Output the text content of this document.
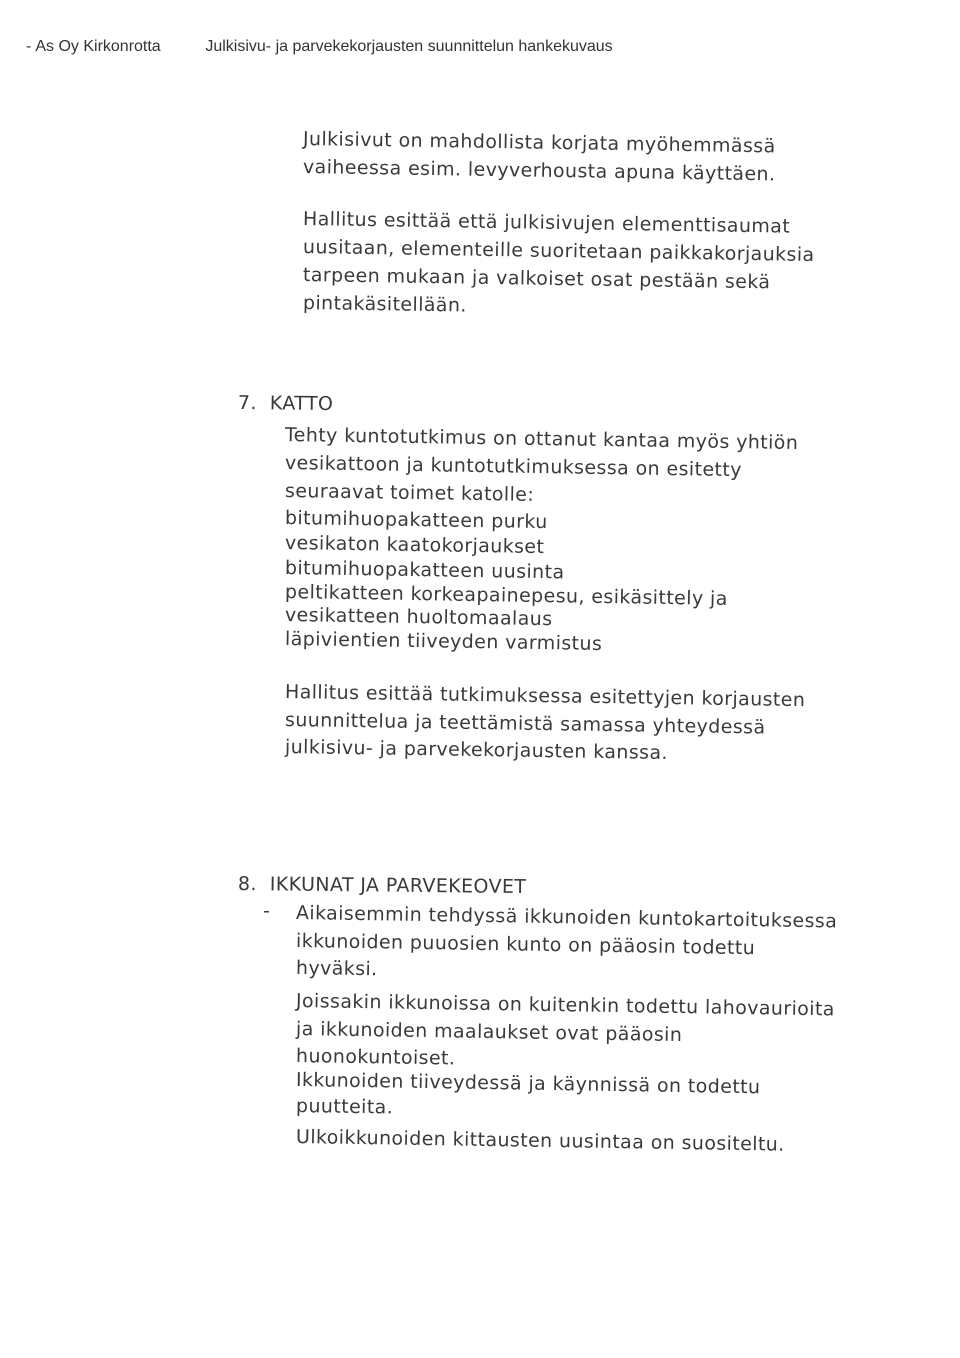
- As Oy Kirkonrotta	Julkisivu- ja parvekekorjausten suunnittelun hankekuvaus
Julkisivut on mahdollista korjata myöhemmässä
vaiheessa esim. levyverhousta apuna käyttäen.
Hallitus esittää että julkisivujen elementtisaumat
uusitaan, elementeille suoritetaan paikkakorjauksia
tarpeen mukaan ja valkoiset osat pestään sekä
pintakäsitellään.
7. KATTO
Tehty kuntotutkimus on ottanut kantaa myös yhtiön
vesikattoon ja kuntotutkimuksessa on esitetty
seuraavat toimet katolle:
bitumihuopakatteen purku
vesikaton kaatokorjaukset
bitumihuopakatteen uusinta
peltikatteen korkeapainepesu, esikäsittely ja
vesikatteen huoltomaalaus
läpivientien tiiveyden varmistus
Hallitus esittää tutkimuksessa esitettyjen korjausten
suunnittelua ja teettämistä samassa yhteydessä
julkisivu- ja parvekekorjausten kanssa.
8. IKKUNAT JA PARVEKEOVET
- Aikaisemmin tehdyssä ikkunoiden kuntokartoituksessa
ikkunoiden puuosien kunto on pääosin todettu
hyväksi.
Joissakin ikkunoissa on kuitenkin todettu lahovaurioita
ja ikkunoiden maalaukset ovat pääosin
huonokuntoiset.
Ikkunoiden tiiveydessä ja käynnissä on todettu
puutteita.
Ulkoikkunoiden kittausten uusintaa on suositeltu.
